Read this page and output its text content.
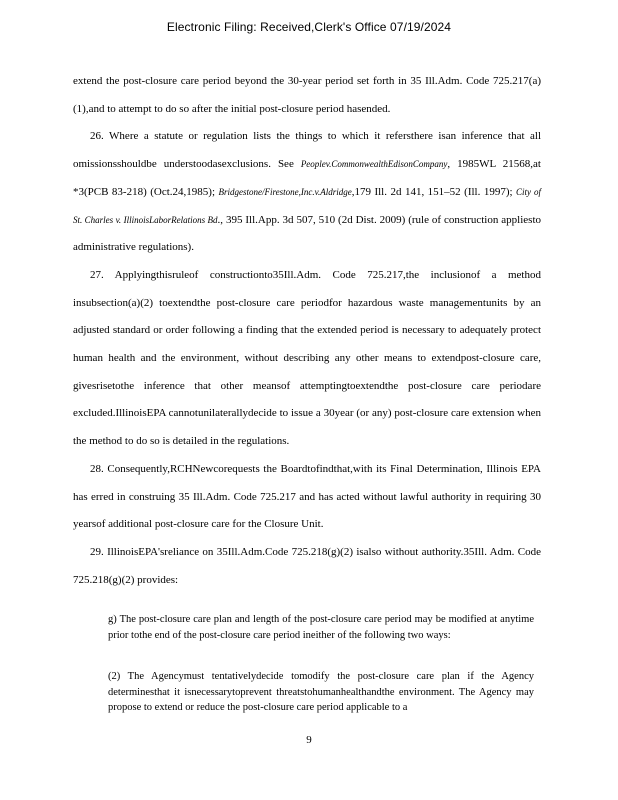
Electronic Filing: Received,Clerk's Office 07/19/2024

extend the post-closure care period beyond the 30-year period set forth in 35 Ill.Adm. Code 725.217(a)(1),and to attempt to do so after the initial post-closure period hasended.

26. Where a statute or regulation lists the things to which it refersthere isan inference that all omissionsshouldbe understoodasexclusions. See Peoplev.CommonwealthEdisonCompany, 1985WL 21568,at *3(PCB 83-218) (Oct.24,1985); Bridgestone/Firestone,Inc.v.Aldridge,179 Ill. 2d 141, 151–52 (Ill. 1997); City of St. Charles v. IllinoisLaborRelations Bd., 395 Ill.App. 3d 507, 510 (2d Dist. 2009) (rule of construction appliesto administrative regulations).

27. Applyingthisruleof constructionto35Ill.Adm. Code 725.217,the inclusionof a method insubsection(a)(2) toextendthe post-closure care periodfor hazardous waste managementunits by an adjusted standard or order following a finding that the extended period is necessary to adequately protect human health and the environment, without describing any other means to extendpost-closure care, givesrisetothe inference that other meansof attemptingtoextendthe post-closure care periodare excluded.IllinoisEPA cannotunilaterallydecide to issue a 30year (or any) post-closure care extension when the method to do so is detailed in the regulations.

28. Consequently,RCHNewcorequests the Boardtofindthat,with its Final Determination, Illinois EPA has erred in construing 35 Ill.Adm. Code 725.217 and has acted without lawful authority in requiring 30 yearsof additional post-closure care for the Closure Unit.

29. IllinoisEPA'sreliance on 35Ill.Adm.Code 725.218(g)(2) isalso without authority.35Ill. Adm. Code 725.218(g)(2) provides:

g) The post-closure care plan and length of the post-closure care period may be modified at anytime prior tothe end of the post-closure care period ineither of the following two ways:
(2) The Agencymust tentativelydecide tomodify the post-closure care plan if the Agency determinesthat it isnecessarytoprevent threatstohumanhealthandthe environment. The Agency may propose to extend or reduce the post-closure care period applicable to a
9
